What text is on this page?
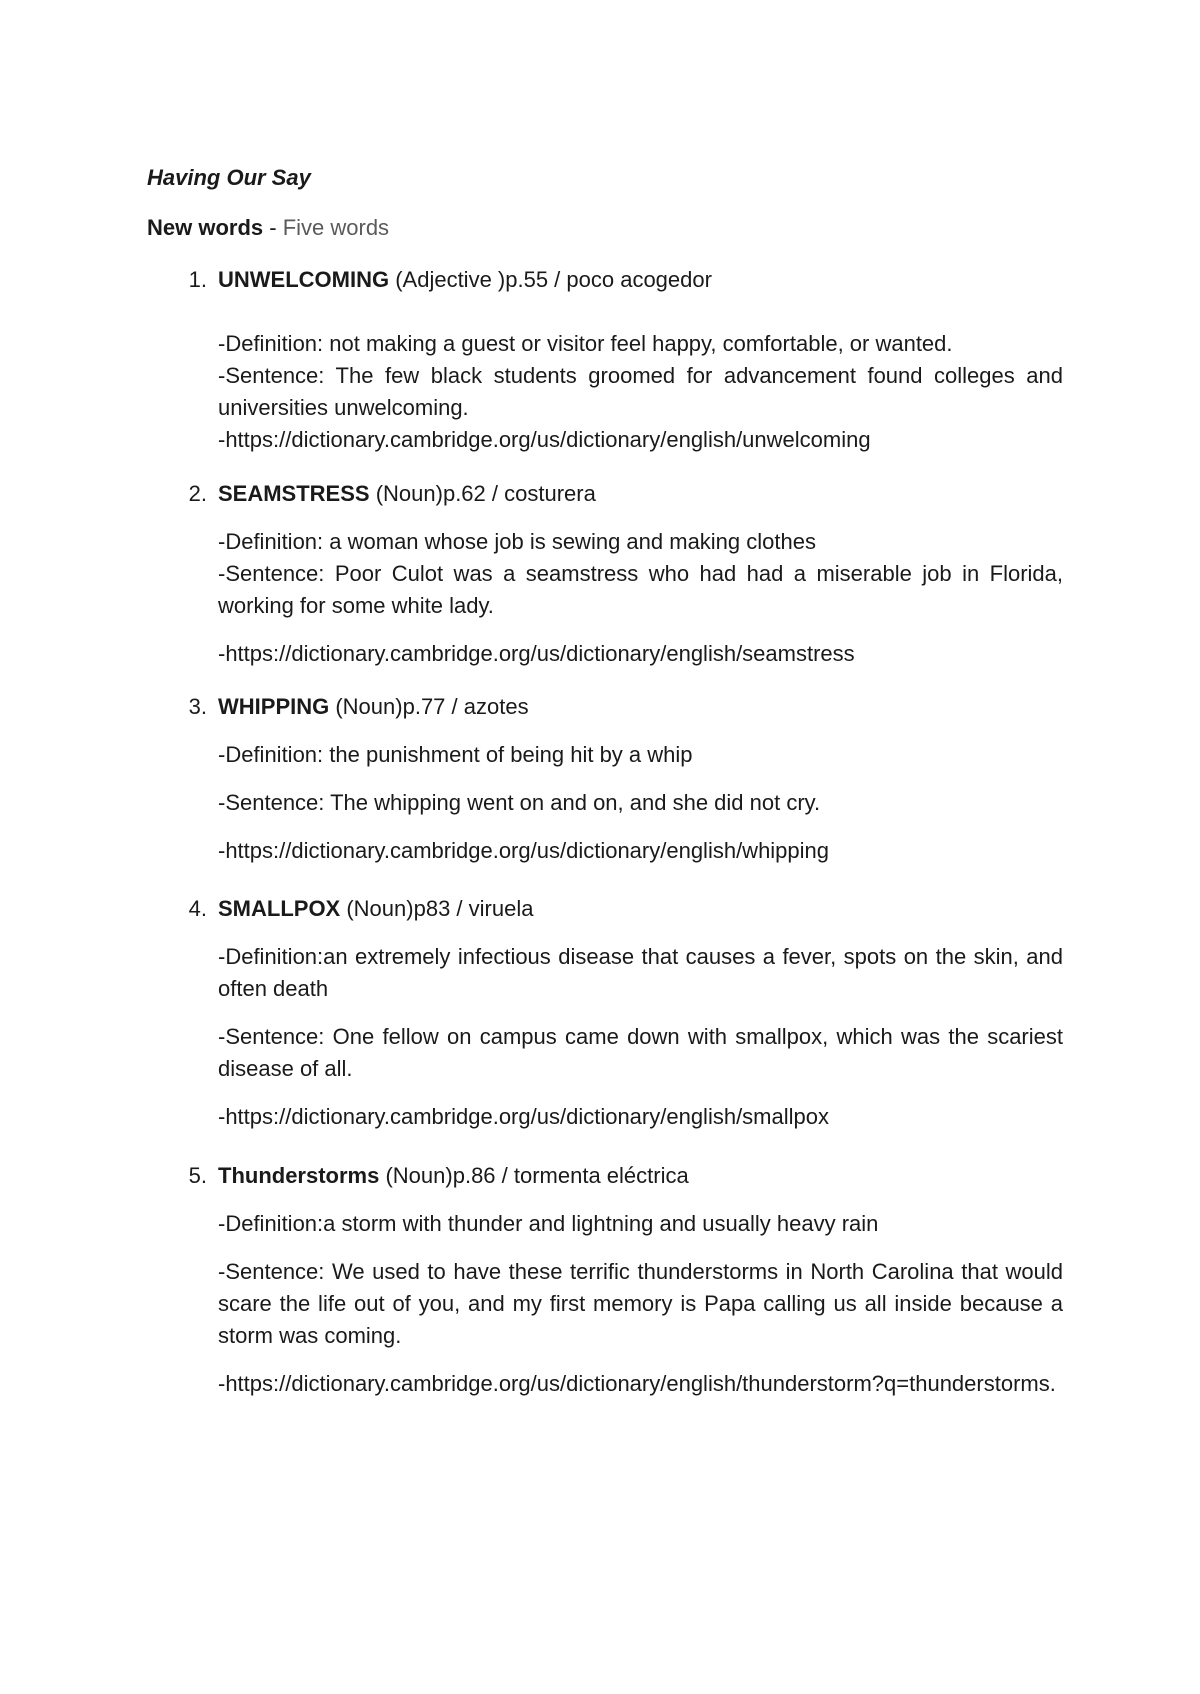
Having Our Say

New words - Five words

1. UNWELCOMING (Adjective )p.55 / poco acogedor

-Definition: not making a guest or visitor feel happy, comfortable, or wanted.

-Sentence: The few black students groomed for advancement found colleges and universities unwelcoming.

-https://dictionary.cambridge.org/us/dictionary/english/unwelcoming

2. SEAMSTRESS (Noun)p.62 / costurera

-Definition: a woman whose job is sewing and making clothes

-Sentence: Poor Culot was a seamstress who had had a miserable job in Florida, working for some white lady.

-https://dictionary.cambridge.org/us/dictionary/english/seamstress

3. WHIPPING (Noun)p.77 / azotes

-Definition: the punishment of being hit by a whip

-Sentence: The whipping went on and on, and she did not cry.

-https://dictionary.cambridge.org/us/dictionary/english/whipping

4. SMALLPOX (Noun)p83 / viruela

-Definition:an extremely infectious disease that causes a fever, spots on the skin, and often death

-Sentence: One fellow on campus came down with smallpox, which was the scariest disease of all.

-https://dictionary.cambridge.org/us/dictionary/english/smallpox

5. Thunderstorms (Noun)p.86 / tormenta eléctrica

-Definition:a storm with thunder and lightning and usually heavy rain

-Sentence: We used to have these terrific thunderstorms in North Carolina that would scare the life out of you, and my first memory is Papa calling us all inside because a storm was coming.

-https://dictionary.cambridge.org/us/dictionary/english/thunderstorm?q=thunderstorms.
